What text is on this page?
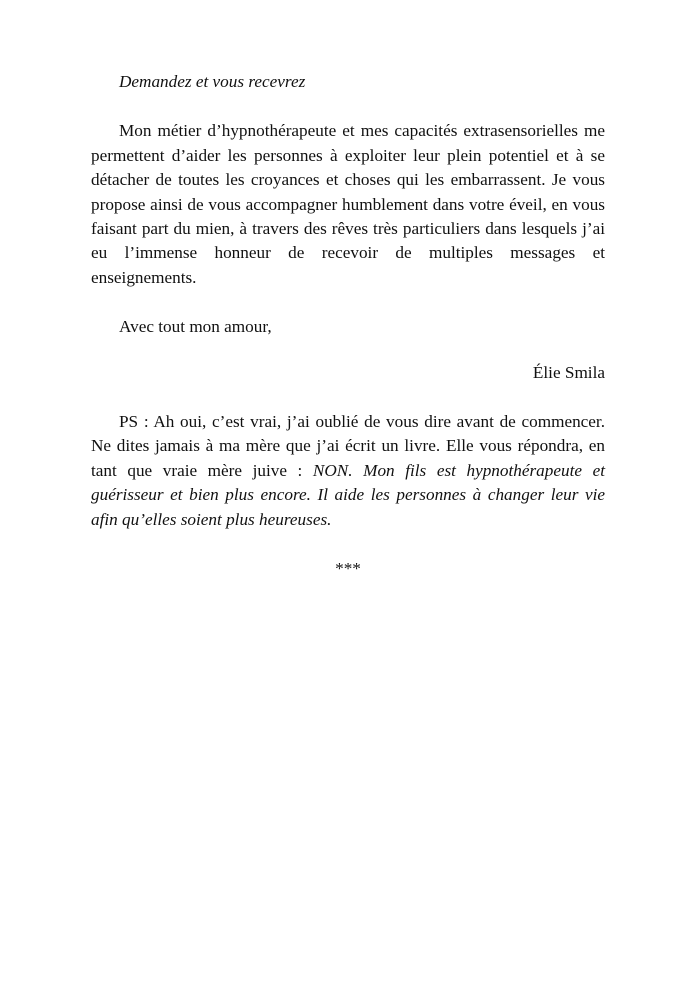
Demandez et vous recevrez

Mon métier d’hypnothérapeute et mes capacités extrasensorielles me permettent d’aider les personnes à exploiter leur plein potentiel et à se détacher de toutes les croyances et choses qui les embarrassent. Je vous propose ainsi de vous accompagner humblement dans votre éveil, en vous faisant part du mien, à travers des rêves très particuliers dans lesquels j’ai eu l’immense honneur de recevoir de multiples messages et enseignements.

Avec tout mon amour,

Élie Smila

PS : Ah oui, c’est vrai, j’ai oublié de vous dire avant de commencer. Ne dites jamais à ma mère que j’ai écrit un livre. Elle vous répondra, en tant que vraie mère juive : NON. Mon fils est hypnothérapeute et guérisseur et bien plus encore. Il aide les personnes à changer leur vie afin qu’elles soient plus heureuses.

***
